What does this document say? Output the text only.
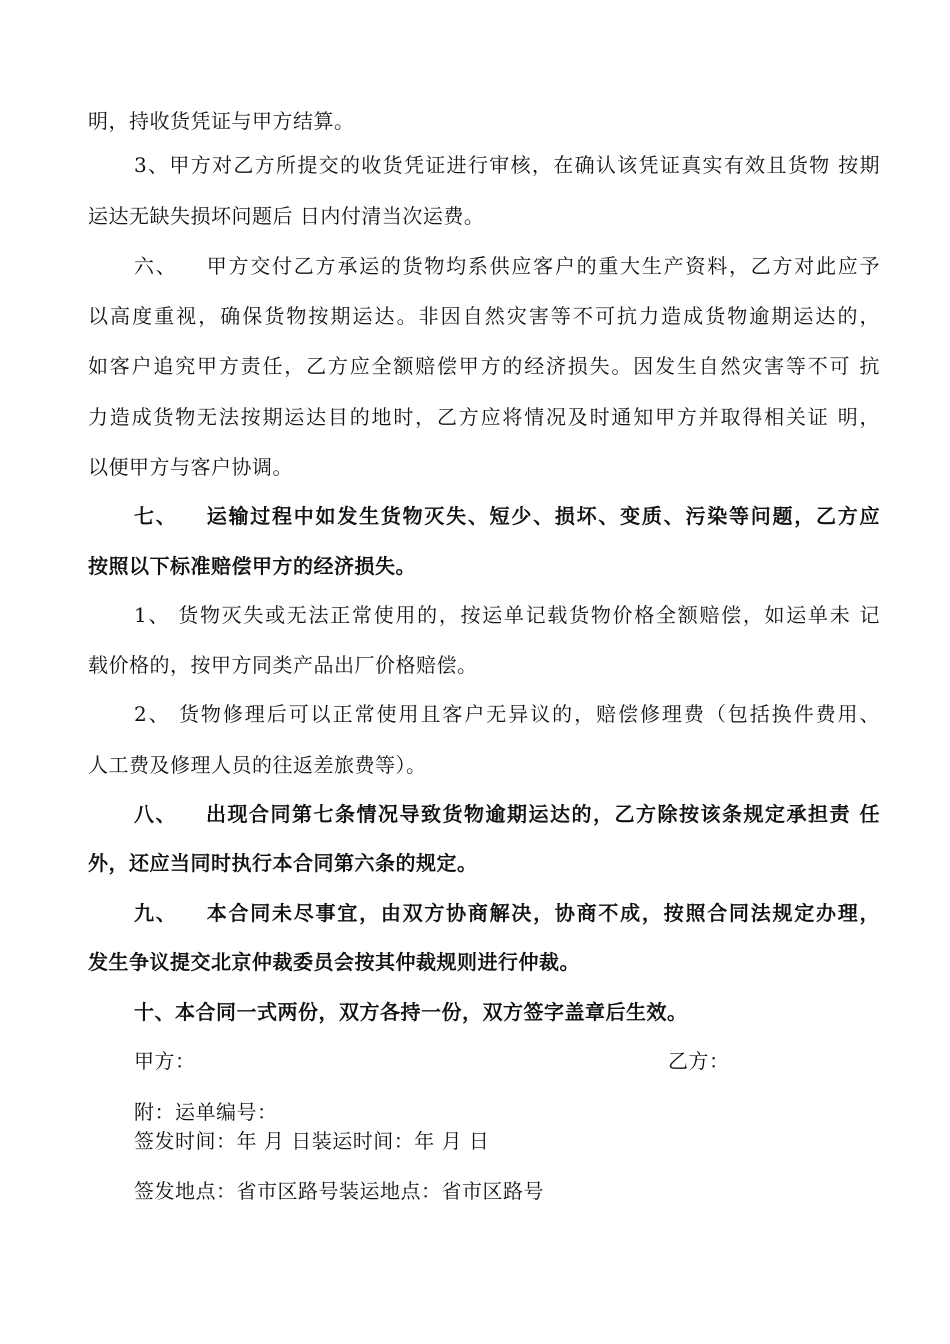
明，持收货凭证与甲方结算。
3、甲方对乙方所提交的收货凭证进行审核，在确认该凭证真实有效且货物 按期
运达无缺失损坏问题后 日内付清当次运费。
六、 甲方交付乙方承运的货物均系供应客户的重大生产资料，乙方对此应予
以高度重视，确保货物按期运达。非因自然灾害等不可抗力造成货物逾期运达的，
如客户追究甲方责任，乙方应全额赔偿甲方的经济损失。因发生自然灾害等不可 抗
力造成货物无法按期运达目的地时，乙方应将情况及时通知甲方并取得相关证 明，
以便甲方与客户协调。
七、 运输过程中如发生货物灭失、短少、损坏、变质、污染等问题，乙方应
按照以下标准赔偿甲方的经济损失。
1、 货物灭失或无法正常使用的，按运单记载货物价格全额赔偿，如运单未 记
载价格的，按甲方同类产品出厂价格赔偿。
2、 货物修理后可以正常使用且客户无异议的，赔偿修理费（包括换件费用、
人工费及修理人员的往返差旅费等）。
八、 出现合同第七条情况导致货物逾期运达的，乙方除按该条规定承担责 任
外，还应当同时执行本合同第六条的规定。
九、 本合同未尽事宜，由双方协商解决，协商不成，按照合同法规定办理，
发生争议提交北京仲裁委员会按其仲裁规则进行仲裁。
十、本合同一式两份，双方各持一份，双方签字盖章后生效。
甲方：	乙方：
附：运单编号：
签发时间：年 月 日装运时间：年 月 日
签发地点：省市区路号装运地点：省市区路号
